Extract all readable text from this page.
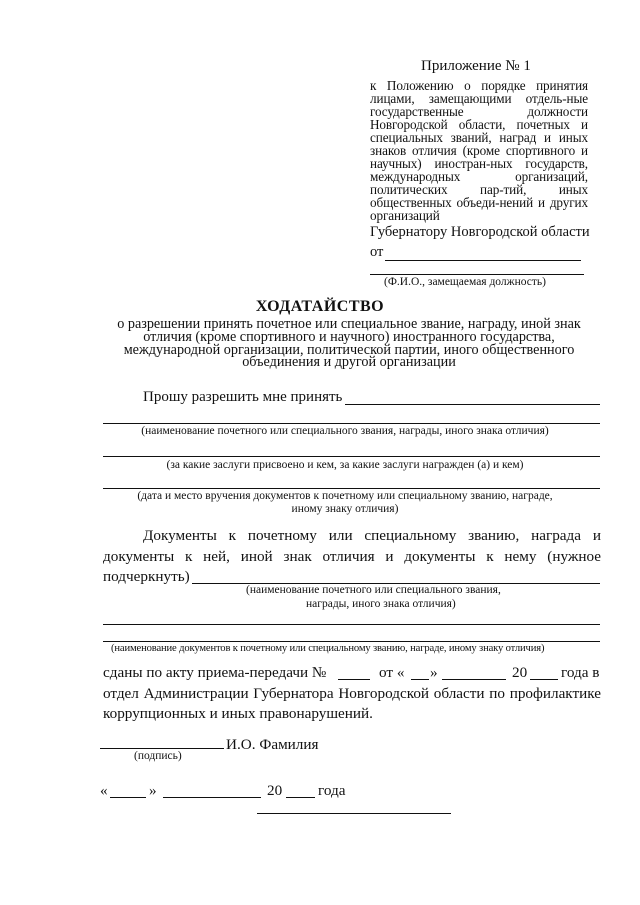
Приложение № 1
к Положению о порядке принятия лицами, замещающими отдель-ные государственные должности Новгородской области, почетных и специальных званий, наград и иных знаков отличия (кроме спортивного и научных) иностран-ных государств, международных организаций, политических пар-тий, иных общественных объеди-нений и других организаций
Губернатору Новгородской области
от
(Ф.И.О., замещаемая должность)
ХОДАТАЙСТВО
о разрешении принять почетное или специальное звание, награду, иной знак отличия (кроме спортивного и научного) иностранного государства, международной организации, политической партии, иного общественного объединения и другой организации
Прошу разрешить мне принять
(наименование почетного или специального звания, награды, иного знака отличия)
(за какие заслуги присвоено и кем, за какие заслуги награжден (а) и кем)
(дата и место вручения документов к почетному или специальному званию, награде,
иному знаку отличия)
Документы к почетному или специальному званию, награда и
документы к ней, иной знак отличия и документы к нему (нужное
подчеркнуть)
(наименование почетного или специального звания,
награды, иного знака отличия)
(наименование документов к почетному или специальному званию, награде, иному знаку отличия)
сданы по акту приема-передачи №	от « »	20 года в
отдел Администрации Губернатора Новгородской области по профилактике
коррупционных и иных правонарушений.
И.О. Фамилия
(подпись)
«	»	20 года
